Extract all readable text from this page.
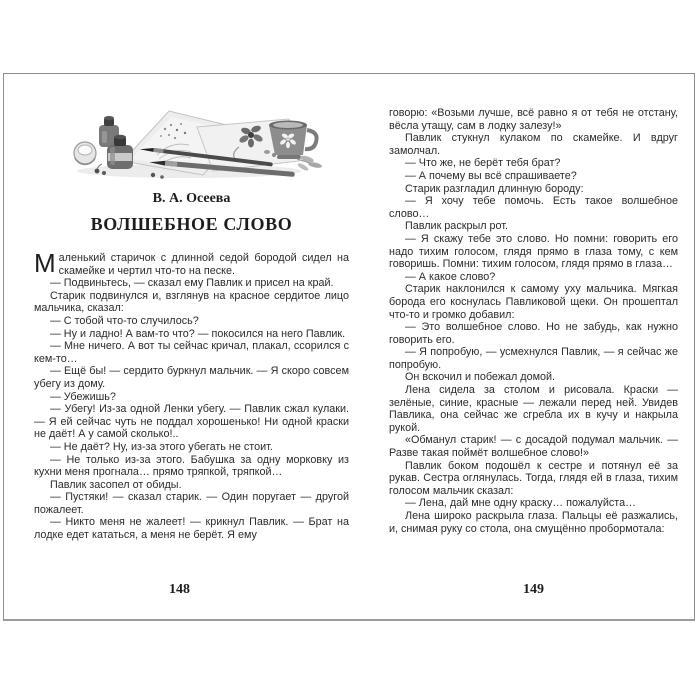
В. А. Осеева
ВОЛШЕБНОЕ СЛОВО

Маленький старичок с длинной седой бородой сидел на скамейке и чертил что-то на песке.

— Подвиньтесь, — сказал ему Павлик и присел на край.

Старик подвинулся и, взглянув на красное сердитое лицо мальчика, сказал:

— С тобой что-то случилось?

— Ну и ладно! А вам-то что? — покосился на него Павлик.

— Мне ничего. А вот ты сейчас кричал, плакал, ссорился с кем-то…

— Ещё бы! — сердито буркнул мальчик. — Я скоро совсем убегу из дому.

— Убежишь?

— Убегу! Из-за одной Ленки убегу. — Павлик сжал кулаки. — Я ей сейчас чуть не поддал хорошенько! Ни одной краски не даёт! А у самой сколько!..

— Не даёт? Ну, из-за этого убегать не стоит.

— Не только из-за этого. Бабушка за одну морковку из кухни меня прогнала… прямо тряпкой, тряпкой…

Павлик засопел от обиды.

— Пустяки! — сказал старик. — Один поругает — другой пожалеет.

— Никто меня не жалеет! — крикнул Павлик. — Брат на лодке едет кататься, а меня не берёт. Я ему

148

говорю: «Возьми лучше, всё равно я от тебя не отстану, вёсла утащу, сам в лодку залезу!»

Павлик стукнул кулаком по скамейке. И вдруг замолчал.

— Что же, не берёт тебя брат?

— А почему вы всё спрашиваете?

Старик разгладил длинную бороду:

— Я хочу тебе помочь. Есть такое волшебное слово…

Павлик раскрыл рот.

— Я скажу тебе это слово. Но помни: говорить его надо тихим голосом, глядя прямо в глаза тому, с кем говоришь. Помни: тихим голосом, глядя прямо в глаза…

— А какое слово?

Старик наклонился к самому уху мальчика. Мягкая борода его коснулась Павликовой щеки. Он прошептал что-то и громко добавил:

— Это волшебное слово. Но не забудь, как нужно говорить его.

— Я попробую, — усмехнулся Павлик, — я сейчас же попробую.

Он вскочил и побежал домой.

Лена сидела за столом и рисовала. Краски — зелёные, синие, красные — лежали перед ней. Увидев Павлика, она сейчас же сгребла их в кучу и накрыла рукой.

«Обманул старик! — с досадой подумал мальчик. — Разве такая поймёт волшебное слово!»

Павлик боком подошёл к сестре и потянул её за рукав. Сестра оглянулась. Тогда, глядя ей в глаза, тихим голосом мальчик сказал:

— Лена, дай мне одну краску… пожалуйста…

Лена широко раскрыла глаза. Пальцы её разжались, и, снимая руку со стола, она смущённо пробормотала:

149
